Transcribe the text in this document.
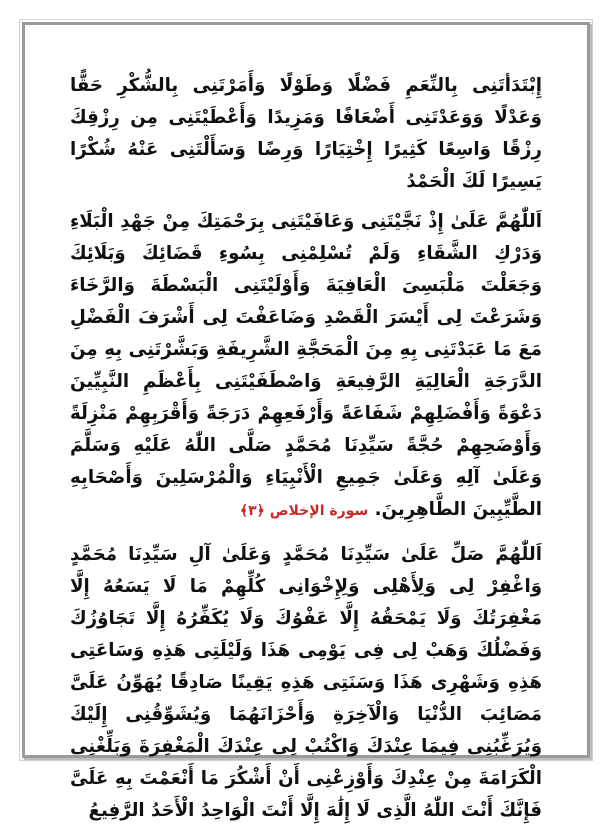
إِبْتَدَأتَنِى بِالنِّعَمِ فَضْلًا وَطَوْلًا وَأَمَرْتَنِى بِالشُّكْرِ حَقًّا وَعَدْلًا وَوَعَدْتَنِى أَضْعَافًا وَمَزِيدًا وَأَعْطَيْتَنِى مِن رِزْقِكَ رِزْقًا وَاسِعًا كَثِيرًا إِخْتِيَارًا وَرِضًا وَسَأَلْتَنِى عَنْهُ شُكْرًا يَسِيرًا لَكَ الْحَمْدُ

اَللّٰهُمَّ عَلَىٰ إِذْ نَجَّيْتَنِى وَعَافَيْتَنِى بِرَحْمَتِكَ مِنْ جَهْدِ الْبَلَاءِ وَدَرْكِ الشَّقَاءِ وَلَمْ تُسْلِمْنِى بِسُوءِ قَضَائِكَ وَبَلَائِكَ وَجَعَلْتَ مَلْبَسِىَ الْعَافِيَةَ وَأَوْلَيْتَنِى الْبَسْطَةَ وَالرَّخَاءَ وَشَرَعْتَ لِى أَيْسَرَ الْقَصْدِ وَضَاعَفْتَ لِى أَشْرَفَ الْفَضْلِ مَعَ مَا عَبَدْتَنِى بِهِ مِنَ الْمَحَجَّةِ الشَّرِيفَةِ وَبَشَّرْتَنِى بِهِ مِنَ الدَّرَجَةِ الْعَالِيَةِ الرَّفِيعَةِ وَاصْطَفَيْتَنِى بِأَعْظَمِ النَّبِيِّينَ دَعْوَةً وَأَفْضَلِهِمْ شَفَاعَةً وَأَرْفَعِهِمْ دَرَجَةً وَأَقْرَبِهِمْ مَنْزِلَةً وَأَوْضَحِهِمْ حُجَّةً سَيِّدِنَا مُحَمَّدٍ صَلَّى اللّٰهُ عَلَيْهِ وَسَلَّمَ وَعَلَىٰ آلِهِ وَعَلَىٰ جَمِيعِ الْأَنْبِيَاءِ وَالْمُرْسَلِينَ وَأَصْحَابِهِ الطَّيِّبِينَ الطَّاهِرِينَ. سورة الإخلاص ﴿٣﴾

اَللّٰهُمَّ صَلِّ عَلَىٰ سَيِّدِنَا مُحَمَّدٍ وَعَلَىٰ آلِ سَيِّدِنَا مُحَمَّدٍ وَاغْفِرْ لِى وَلِأَهْلِى وَلِإِخْوَانِى كُلِّهِمْ مَا لَا يَسَعُهُ إِلَّا مَغْفِرَتُكَ وَلَا يَمْحَقُهُ إِلَّا عَفْوُكَ وَلَا يُكَفِّرُهُ إِلَّا تَجَاوُزُكَ وَفَضْلُكَ وَهَبْ لِى فِى يَوْمِى هَذَا وَلَيْلَتِى هَذِهِ وَسَاعَتِى هَذِهِ وَشَهْرِى هَذَا وَسَنَتِى هَذِهِ يَقِينًا صَادِقًا يُهَوِّنُ عَلَىَّ مَصَائِبَ الدُّنْيَا وَالْآخِرَةِ وَأَحْزَانَهُمَا وَيُشَوِّقُنِى إِلَيْكَ وَيُرَغِّبُنِى فِيمَا عِنْدَكَ وَاكْتُبْ لِى عِنْدَكَ الْمَغْفِرَةَ وَبَلِّغْنِى الْكَرَامَةَ مِنْ عِنْدِكَ وَأَوْزِعْنِى أَنْ أَشْكُرَ مَا أَنْعَمْتَ بِهِ عَلَىَّ فَإِنَّكَ أَنْتَ اللّٰهُ الَّذِى لَا إِلَٰهَ إِلَّا أَنْتَ الْوَاحِدُ الْأَحَدُ الرَّفِيعُ
